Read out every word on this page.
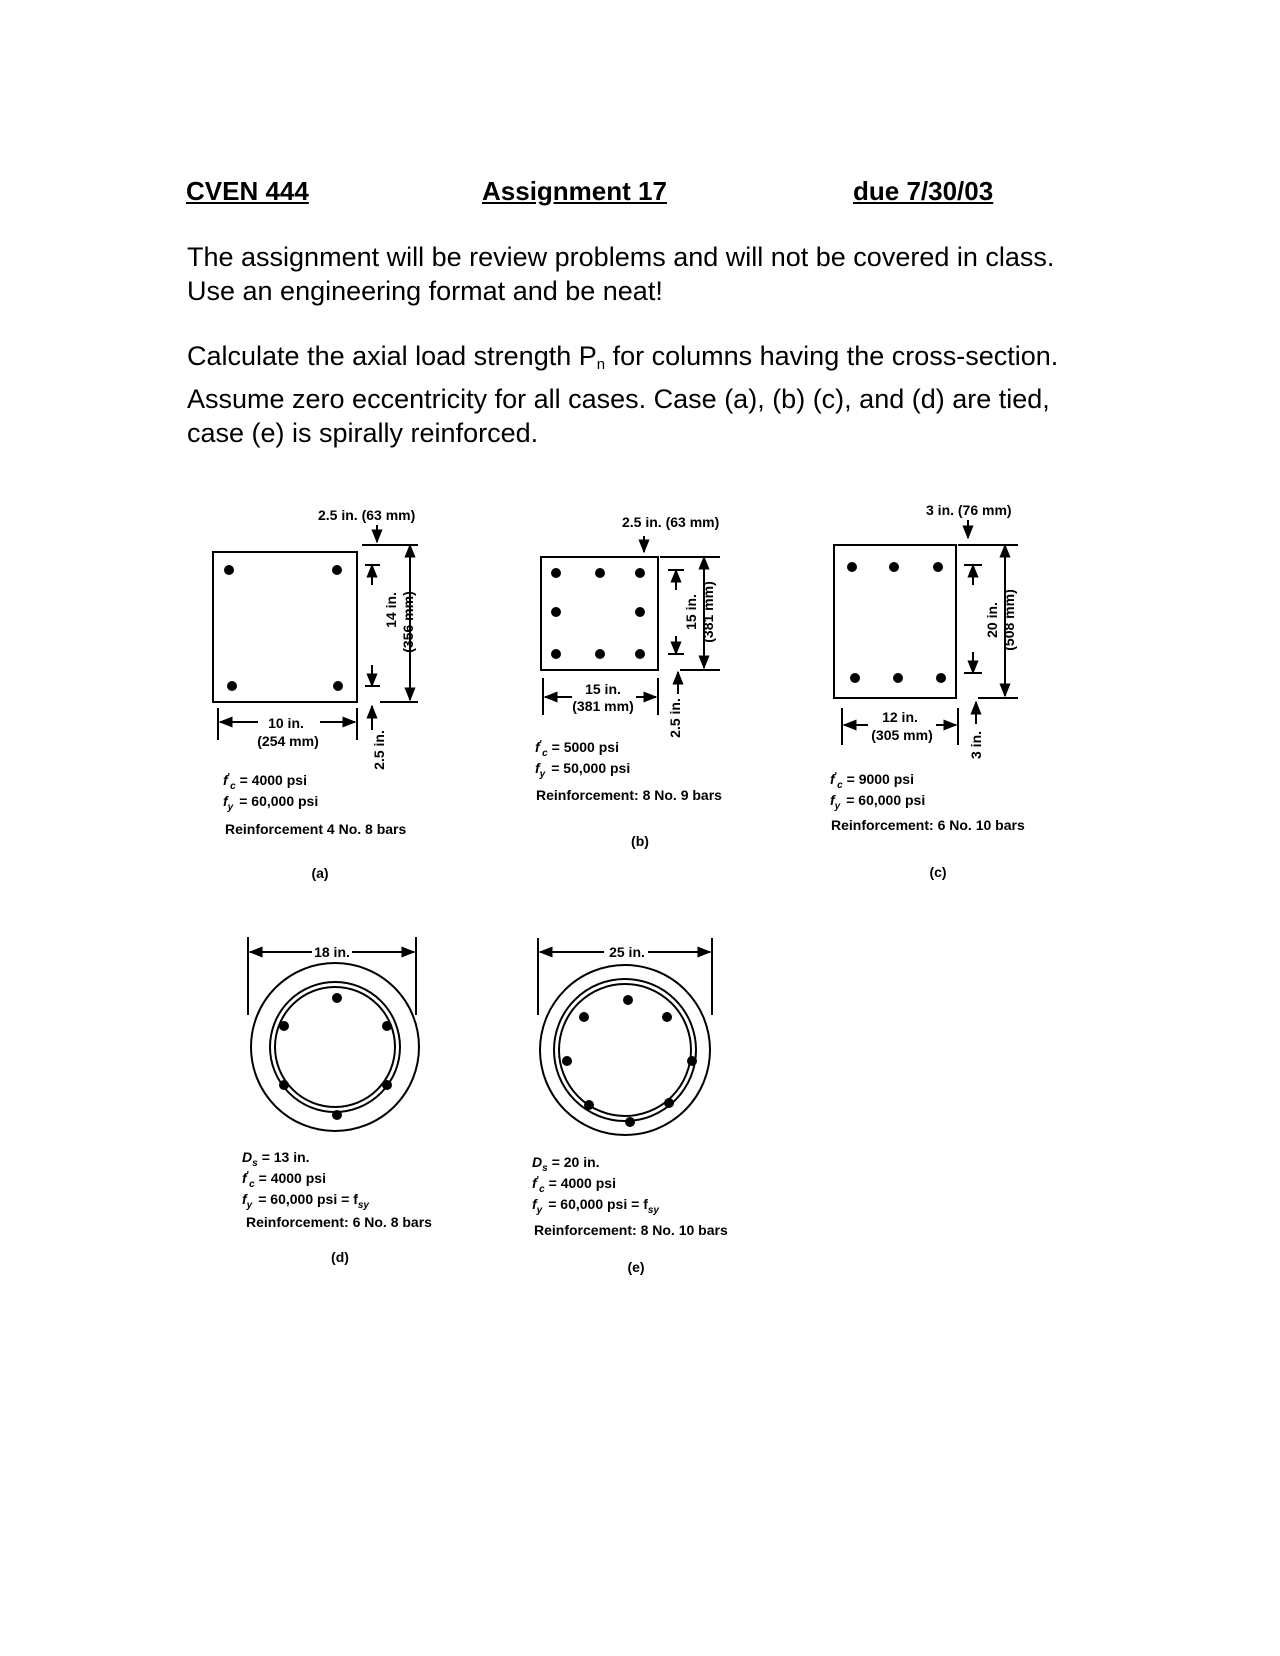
CVEN 444	Assignment 17	due 7/30/03
The assignment will be review problems and will not be covered in class. Use an engineering format and be neat!
Calculate the axial load strength $P_n$ for columns having the cross-section. Assume zero eccentricity for all cases. Case (a), (b) (c), and (d) are tied, case (e) is spirally reinforced.
2.5 in. (63 mm)
14 in. (356 mm)
10 in.
(254 mm)	2.5 in.
$f'_c = 4000$ psi
$f_y = 60,000$ psi
Reinforcement 4 No. 8 bars
(a)
2.5 in. (63 mm)
15 in. (381 mm)
15 in.
(381 mm) 2.5 in.
$f'_c = 5000$ psi
$f_y = 50,000$ psi
Reinforcement: 8 No. 9 bars
(b)
3 in. (76 mm)
20 in. (508 mm)
12 in.
(305 mm)	3 in.
$f'_c = 9000$ psi
$f_y = 60,000$ psi
Reinforcement: 6 No. 10 bars
(c)
18 in.
$D_s = 13$ in.
$f'_c = 4000$ psi
$f_y = 60,000$ psi = $f_{sy}$
Reinforcement: 6 No. 8 bars
(d)
25 in.
$D_s = 20$ in.
$f'_c = 4000$ psi
$f_y = 60,000$ psi = $f_{sy}$
Reinforcement: 8 No. 10 bars
(e)
